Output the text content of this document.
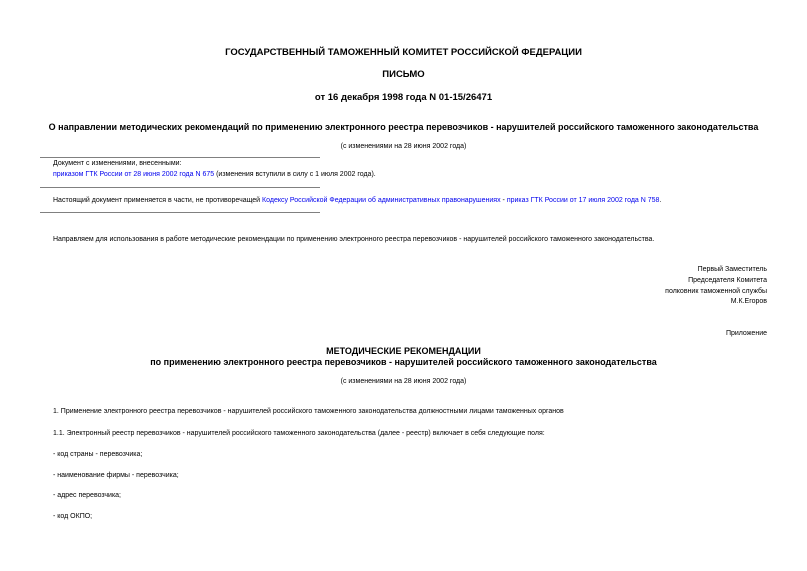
ГОСУДАРСТВЕННЫЙ ТАМОЖЕННЫЙ КОМИТЕТ РОССИЙСКОЙ ФЕДЕРАЦИИ
ПИСЬМО
от 16 декабря 1998 года N 01-15/26471
О направлении методических рекомендаций по применению электронного реестра перевозчиков - нарушителей российского таможенного законодательства
(с изменениями на 28 июня 2002 года)
Документ с изменениями, внесенными:
приказом ГТК России от 28 июня 2002 года N 675 (изменения вступили в силу с 1 июля 2002 года).
Настоящий документ применяется в части, не противоречащей Кодексу Российской Федерации об административных правонарушениях - приказ ГТК России от 17 июля 2002 года N 758.
Направляем для использования в работе методические рекомендации по применению электронного реестра перевозчиков - нарушителей российского таможенного законодательства.
Первый Заместитель
Председателя Комитета
полковник таможенной службы
М.К.Егоров
Приложение
МЕТОДИЧЕСКИЕ РЕКОМЕНДАЦИИ
по применению электронного реестра перевозчиков - нарушителей российского таможенного законодательства
(с изменениями на 28 июня 2002 года)
1. Применение электронного реестра перевозчиков - нарушителей российского таможенного законодательства должностными лицами таможенных органов
1.1. Электронный реестр перевозчиков - нарушителей российского таможенного законодательства (далее - реестр) включает в себя следующие поля:
- код страны - перевозчика;
- наименование фирмы - перевозчика;
- адрес перевозчика;
- код ОКПО;
